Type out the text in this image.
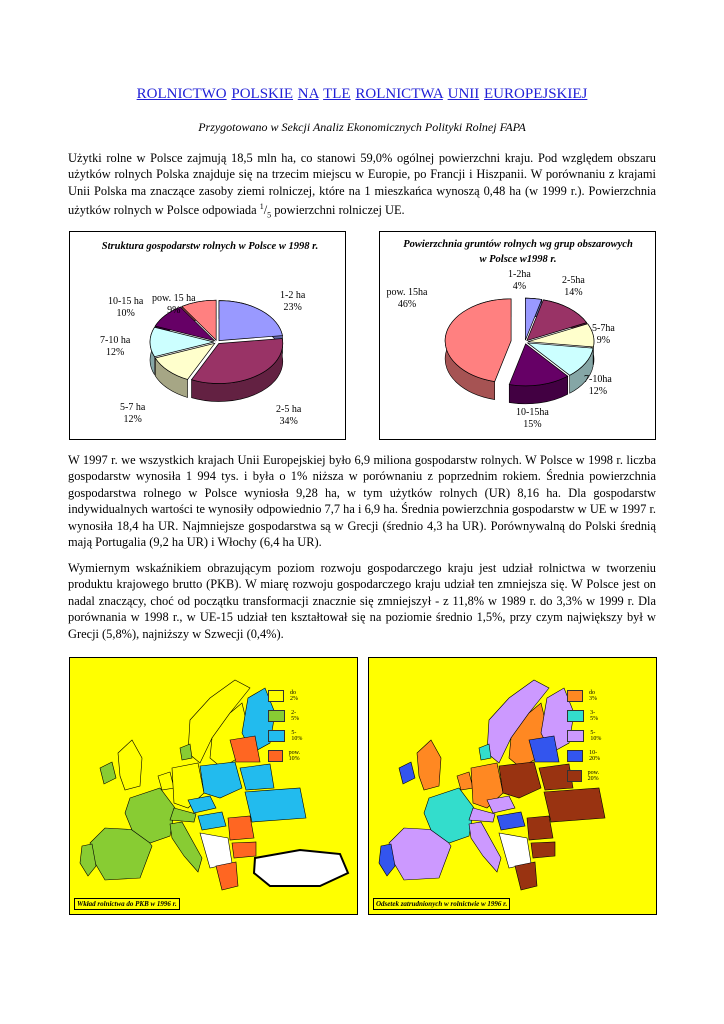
ROLNICTWO POLSKIE NA TLE ROLNICTWA UNII EUROPEJSKIEJ
Przygotowano w Sekcji Analiz Ekonomicznych Polityki Rolnej FAPA
Użytki rolne w Polsce zajmują 18,5 mln ha, co stanowi 59,0% ogólnej powierzchni kraju. Pod względem obszaru użytków rolnych Polska znajduje się na trzecim miejscu w Europie, po Francji i Hiszpanii. W porównaniu z krajami Unii Polska ma znaczące zasoby ziemi rolniczej, które na 1 mieszkańca wynoszą 0,48 ha (w 1999 r.). Powierzchnia użytków rolnych w Polsce odpowiada $^1/_5$ powierzchni rolniczej UE.
Struktura gospodarstw rolnych w Polsce w 1998 r.
1-2 ha
23%
2-5 ha
34%
5-7 ha
12%
7-10 ha
12%
10-15 ha
10%
pow. 15 ha
9%
Powierzchnia gruntów rolnych wg grup obszarowych w Polsce w1998 r.
1-2ha
4%
2-5ha
14%
5-7ha
9%
7-10ha
12%
10-15ha
15%
pow. 15ha
46%
W 1997 r. we wszystkich krajach Unii Europejskiej było 6,9 miliona gospodarstw rolnych. W Polsce w 1998 r. liczba gospodarstw wynosiła 1 994 tys. i była o 1% niższa w porównaniu z poprzednim rokiem. Średnia powierzchnia gospodarstwa rolnego w Polsce wyniosła 9,28 ha, w tym użytków rolnych (UR) 8,16 ha. Dla gospodarstw indywidualnych wartości te wynosiły odpowiednio 7,7 ha i 6,9 ha. Średnia powierzchnia gospodarstw w UE w 1997 r. wynosiła 18,4 ha UR. Najmniejsze gospodarstwa są w Grecji (średnio 4,3 ha UR). Porównywalną do Polski średnią mają Portugalia (9,2 ha UR) i Włochy (6,4 ha UR).
Wymiernym wskaźnikiem obrazującym poziom rozwoju gospodarczego kraju jest udział rolnictwa w tworzeniu produktu krajowego brutto (PKB). W miarę rozwoju gospodarczego kraju udział ten zmniejsza się. W Polsce jest on nadal znaczący, choć od początku transformacji znacznie się zmniejszył - z 11,8% w 1989 r. do 3,3% w 1999 r. Dla porównania w 1998 r., w UE-15 udział ten kształtował się na poziomie średnio 1,5%, przy czym największy był w Grecji (5,8%), najniższy w Szwecji (0,4%).
do 2%
2-5%
5-10%
pow. 10%
Wkład rolnictwa do PKB w 1996 r.
do 3%
3-5%
5-10%
10-20%
pow. 20%
Odsetek zatrudnionych w rolnictwie w 1996 r.
